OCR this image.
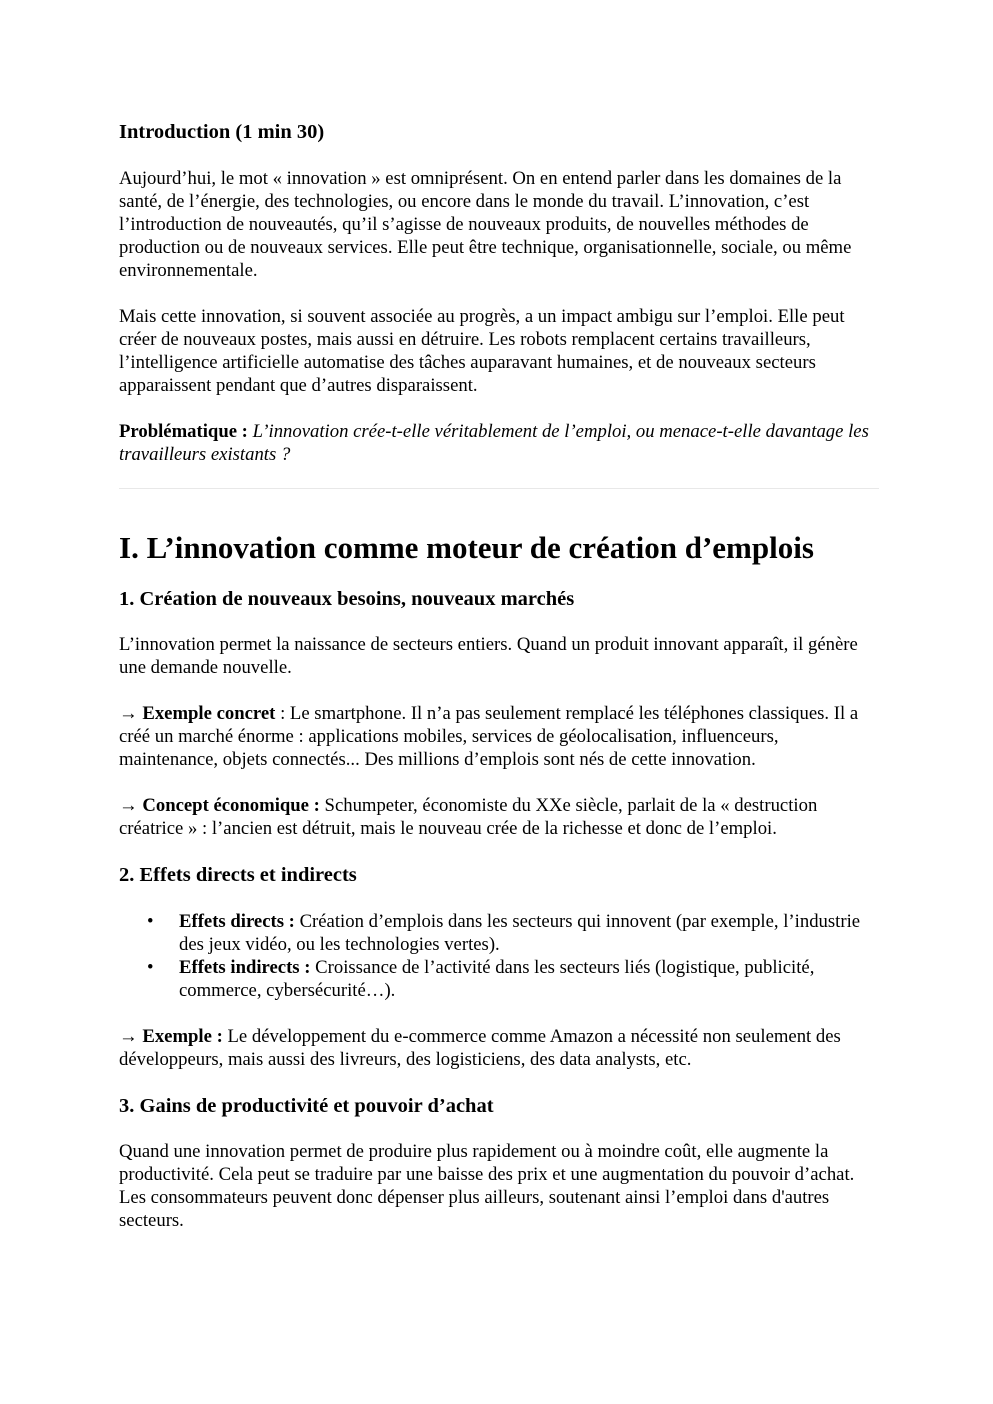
Introduction (1 min 30)

Aujourd’hui, le mot « innovation » est omniprésent. On en entend parler dans les domaines de la santé, de l’énergie, des technologies, ou encore dans le monde du travail. L’innovation, c’est l’introduction de nouveautés, qu’il s’agisse de nouveaux produits, de nouvelles méthodes de production ou de nouveaux services. Elle peut être technique, organisationnelle, sociale, ou même environnementale.

Mais cette innovation, si souvent associée au progrès, a un impact ambigu sur l’emploi. Elle peut créer de nouveaux postes, mais aussi en détruire. Les robots remplacent certains travailleurs, l’intelligence artificielle automatise des tâches auparavant humaines, et de nouveaux secteurs apparaissent pendant que d’autres disparaissent.

Problématique : L’innovation crée-t-elle véritablement de l’emploi, ou menace-t-elle davantage les travailleurs existants ?

I. L’innovation comme moteur de création d’emplois
1. Création de nouveaux besoins, nouveaux marchés

L’innovation permet la naissance de secteurs entiers. Quand un produit innovant apparaît, il génère une demande nouvelle.

→ Exemple concret : Le smartphone. Il n’a pas seulement remplacé les téléphones classiques. Il a créé un marché énorme : applications mobiles, services de géolocalisation, influenceurs, maintenance, objets connectés... Des millions d’emplois sont nés de cette innovation.

→ Concept économique : Schumpeter, économiste du XXe siècle, parlait de la « destruction créatrice » : l’ancien est détruit, mais le nouveau crée de la richesse et donc de l’emploi.

2. Effets directs et indirects
• Effets directs : Création d’emplois dans les secteurs qui innovent (par exemple, l’industrie des jeux vidéo, ou les technologies vertes).
• Effets indirects : Croissance de l’activité dans les secteurs liés (logistique, publicité, commerce, cybersécurité…).

→ Exemple : Le développement du e-commerce comme Amazon a nécessité non seulement des développeurs, mais aussi des livreurs, des logisticiens, des data analysts, etc.

3. Gains de productivité et pouvoir d’achat

Quand une innovation permet de produire plus rapidement ou à moindre coût, elle augmente la productivité. Cela peut se traduire par une baisse des prix et une augmentation du pouvoir d’achat. Les consommateurs peuvent donc dépenser plus ailleurs, soutenant ainsi l’emploi dans d'autres secteurs.
